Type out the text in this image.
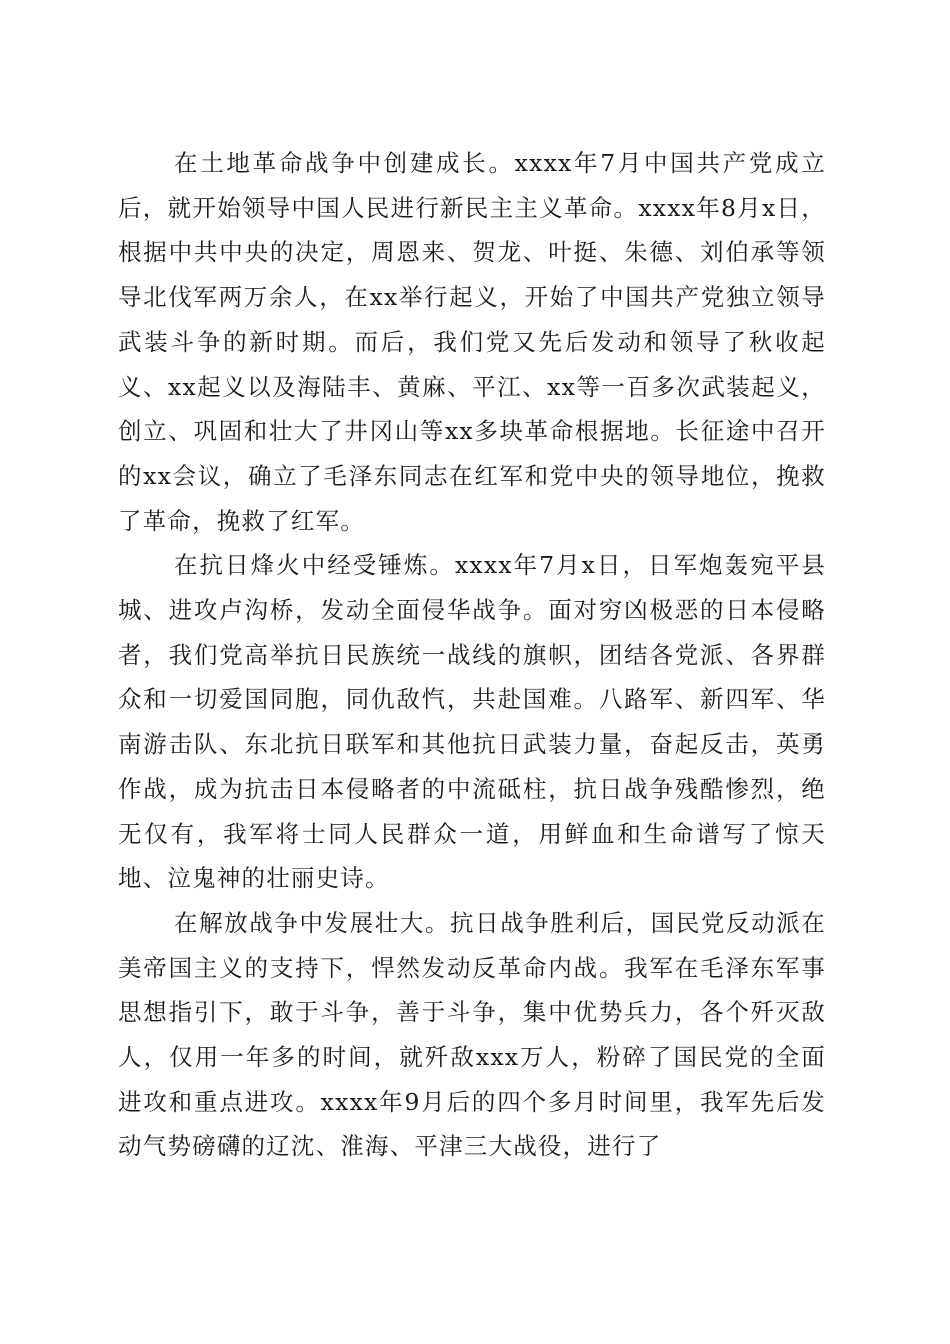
在土地革命战争中创建成长。xxxx年7月中国共产党成立后，就开始领导中国人民进行新民主主义革命。xxxx年8月x日，根据中共中央的决定，周恩来、贺龙、叶挺、朱德、刘伯承等领导北伐军两万余人，在xx举行起义，开始了中国共产党独立领导武装斗争的新时期。而后，我们党又先后发动和领导了秋收起义、xx起义以及海陆丰、黄麻、平江、xx等一百多次武装起义，创立、巩固和壮大了井冈山等xx多块革命根据地。长征途中召开的xx会议，确立了毛泽东同志在红军和党中央的领导地位，挽救了革命，挽救了红军。

在抗日烽火中经受锤炼。xxxx年7月x日，日军炮轰宛平县城、进攻卢沟桥，发动全面侵华战争。面对穷凶极恶的日本侵略者，我们党高举抗日民族统一战线的旗帜，团结各党派、各界群众和一切爱国同胞，同仇敌忾，共赴国难。八路军、新四军、华南游击队、东北抗日联军和其他抗日武装力量，奋起反击，英勇作战，成为抗击日本侵略者的中流砥柱，抗日战争残酷惨烈，绝无仅有，我军将士同人民群众一道，用鲜血和生命谱写了惊天地、泣鬼神的壮丽史诗。

在解放战争中发展壮大。抗日战争胜利后，国民党反动派在美帝国主义的支持下，悍然发动反革命内战。我军在毛泽东军事思想指引下，敢于斗争，善于斗争，集中优势兵力，各个歼灭敌人，仅用一年多的时间，就歼敌xxx万人，粉碎了国民党的全面进攻和重点进攻。xxxx年9月后的四个多月时间里，我军先后发动气势磅礴的辽沈、淮海、平津三大战役，进行了
